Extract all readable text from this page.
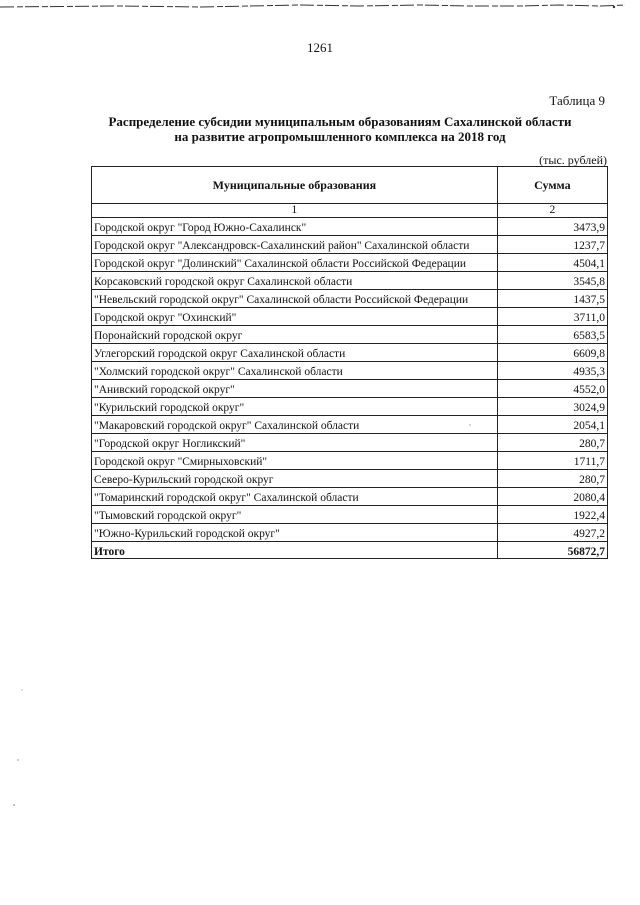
1261
Таблица 9
Распределение субсидии муниципальным образованиям Сахалинской области на развитие агропромышленного комплекса на 2018 год
(тыс. рублей)
Муниципальные образования	Сумма
1	2
Городской округ "Город Южно-Сахалинск"	3473,9
Городской округ "Александровск-Сахалинский район" Сахалинской области	1237,7
Городской округ "Долинский" Сахалинской области Российской Федерации	4504,1
Корсаковский городской округ Сахалинской области	3545,8
"Невельский городской округ" Сахалинской области Российской Федерации	1437,5
Городской округ "Охинский"	3711,0
Поронайский городской округ	6583,5
Углегорский городской округ Сахалинской области	6609,8
"Холмский городской округ" Сахалинской области	4935,3
"Анивский городской округ"	4552,0
"Курильский городской округ"	3024,9
"Макаровский городской округ" Сахалинской области	2054,1
"Городской округ Ногликский"	280,7
Городской округ "Смирныховский"	1711,7
Северо-Курильский городской округ	280,7
"Томаринский городской округ" Сахалинской области	2080,4
"Тымовский городской округ"	1922,4
"Южно-Курильский городской округ"	4927,2
Итого	56872,7
